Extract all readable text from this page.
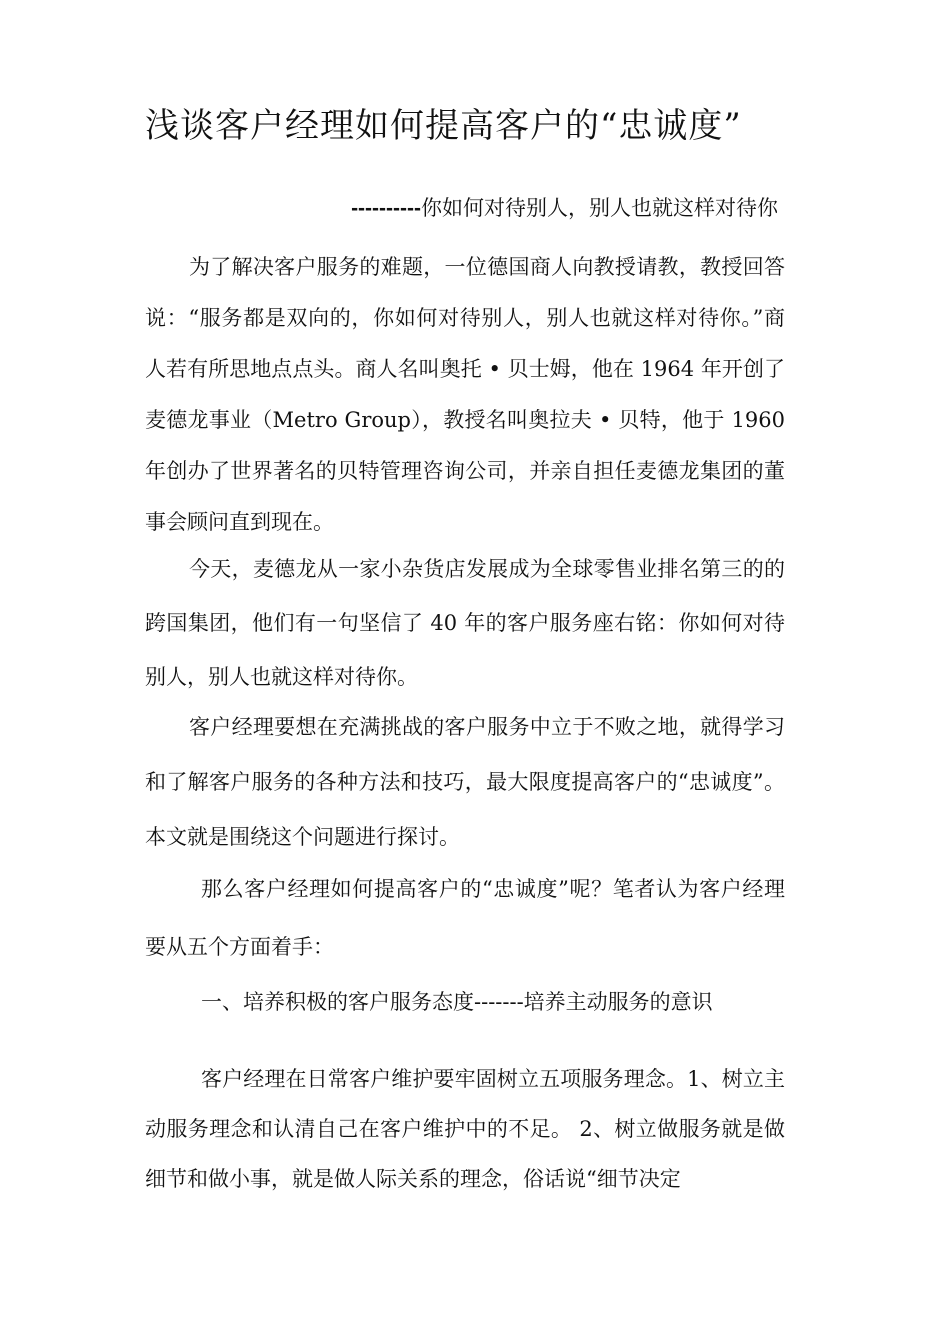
浅谈客户经理如何提高客户的“忠诚度”
----------你如何对待别人，别人也就这样对待你

为了解决客户服务的难题，一位德国商人向教授请教，教授回答说：“服务都是双向的，你如何对待别人，别人也就这样对待你。”商人若有所思地点点头。商人名叫奥托 • 贝士姆，他在 1964 年开创了麦德龙事业（Metro Group），教授名叫奥拉夫 • 贝特，他于 1960 年创办了世界著名的贝特管理咨询公司，并亲自担任麦德龙集团的董事会顾问直到现在。

今天，麦德龙从一家小杂货店发展成为全球零售业排名第三的的跨国集团，他们有一句坚信了 40 年的客户服务座右铭：你如何对待别人，别人也就这样对待你。

客户经理要想在充满挑战的客户服务中立于不败之地，就得学习和了解客户服务的各种方法和技巧，最大限度提高客户的“忠诚度”。本文就是围绕这个问题进行探讨。

那么客户经理如何提高客户的“忠诚度”呢？笔者认为客户经理要从五个方面着手：

一、培养积极的客户服务态度-------培养主动服务的意识

客户经理在日常客户维护要牢固树立五项服务理念。1、树立主动服务理念和认清自己在客户维护中的不足。 2、树立做服务就是做细节和做小事，就是做人际关系的理念，俗话说“细节决定
